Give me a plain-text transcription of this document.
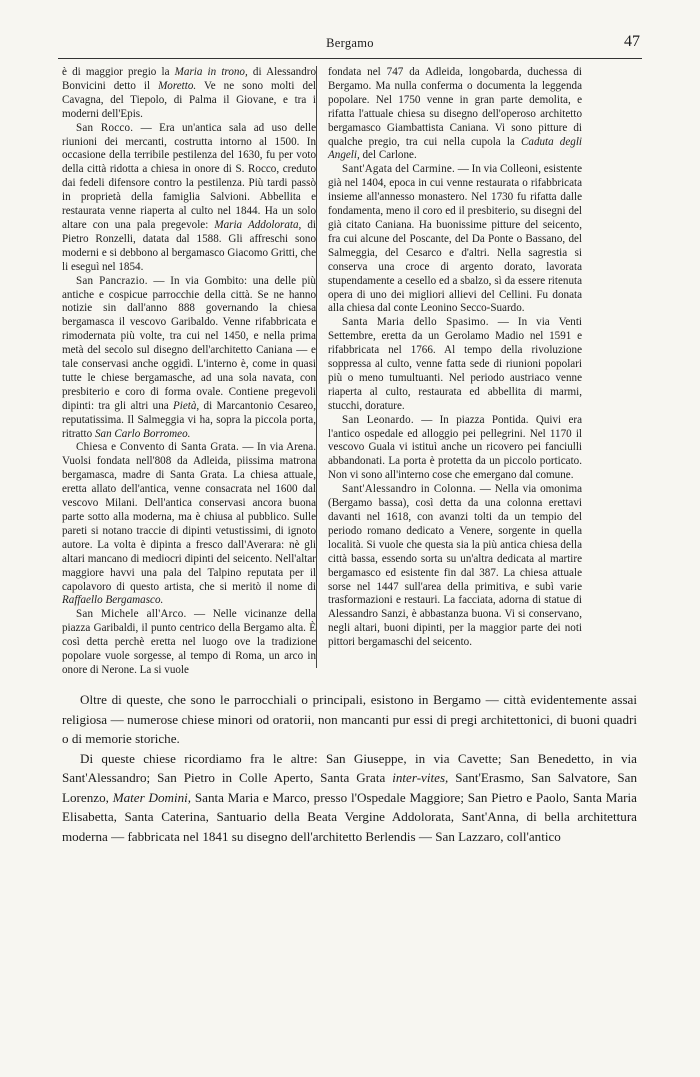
Bergamo	47

è di maggior pregio la Maria in trono, di Alessandro Bonvicini detto il Moretto. Ve ne sono molti del Cavagna, del Tiepolo, di Palma il Giovane, e tra i moderni dell'Epis.

San Rocco. — Era un'antica sala ad uso delle riunioni dei mercanti, costrutta intorno al 1500. In occasione della terribile pestilenza del 1630, fu per voto della città ridotta a chiesa in onore di S. Rocco, creduto dai fedeli difensore contro la pestilenza. Più tardi passò in proprietà della famiglia Salvioni. Abbellita e restaurata venne riaperta al culto nel 1844. Ha un solo altare con una pala pregevole: Maria Addolorata, di Pietro Ronzelli, datata dal 1588. Gli affreschi sono moderni e si debbono al bergamasco Giacomo Gritti, che li eseguì nel 1854.

San Pancrazio. — In via Gombito: una delle più antiche e cospicue parrocchie della città. Se ne hanno notizie sin dall'anno 888 governando la chiesa bergamasca il vescovo Garibaldo. Venne rifabbricata e rimodernata più volte, tra cui nel 1450, e nella prima metà del secolo sul disegno dell'architetto Caniana — e tale conservasi anche oggidì. L'interno è, come in quasi tutte le chiese bergamasche, ad una sola navata, con presbiterio e coro di forma ovale. Contiene pregevoli dipinti: tra gli altri una Pietà, di Marcantonio Cesareo, reputatissima. Il Salmeggia vi ha, sopra la piccola porta, ritratto San Carlo Borromeo.

Chiesa e Convento di Santa Grata. — In via Arena. Vuolsi fondata nell'808 da Adleida, piissima matrona bergamasca, madre di Santa Grata. La chiesa attuale, eretta allato dell'antica, venne consacrata nel 1600 dal vescovo Milani. Dell'antica conservasi ancora buona parte sotto alla moderna, ma è chiusa al pubblico. Sulle pareti si notano traccie di dipinti vetustissimi, di ignoto autore. La volta è dipinta a fresco dall'Averara: nè gli altari mancano di mediocri dipinti del seicento. Nell'altar maggiore havvi una pala del Talpino reputata per il capolavoro di questo artista, che si meritò il nome di Raffaello Bergamasco.

San Michele all'Arco. — Nelle vicinanze della piazza Garibaldi, il punto centrico della Bergamo alta. È così detta perchè eretta nel luogo ove la tradizione popolare vuole sorgesse, al tempo di Roma, un arco in onore di Nerone. La si vuole

fondata nel 747 da Adleida, longobarda, duchessa di Bergamo. Ma nulla conferma o documenta la leggenda popolare. Nel 1750 venne in gran parte demolita, e rifatta l'attuale chiesa su disegno dell'operoso architetto bergamasco Giambattista Caniana. Vi sono pitture di qualche pregio, tra cui nella cupola la Caduta degli Angeli, del Carlone.

Sant'Agata del Carmine. — In via Colleoni, esistente già nel 1404, epoca in cui venne restaurata o rifabbricata insieme all'annesso monastero. Nel 1730 fu rifatta dalle fondamenta, meno il coro ed il presbiterio, su disegni del già citato Caniana. Ha buonissime pitture del seicento, fra cui alcune del Poscante, del Da Ponte o Bassano, del Salmeggia, del Cesarco e d'altri. Nella sagrestia si conserva una croce di argento dorato, lavorata stupendamente a cesello ed a sbalzo, sì da essere ritenuta opera di uno dei migliori allievi del Cellini. Fu donata alla chiesa dal conte Leonino Secco-Suardo.

Santa Maria dello Spasimo. — In via Venti Settembre, eretta da un Gerolamo Madio nel 1591 e rifabbricata nel 1766. Al tempo della rivoluzione soppressa al culto, venne fatta sede di riunioni popolari più o meno tumultuanti. Nel periodo austriaco venne riaperta al culto, restaurata ed abbellita di marmi, stucchi, dorature.

San Leonardo. — In piazza Pontida. Quivi era l'antico ospedale ed alloggio pei pellegrini. Nel 1170 il vescovo Guala vi istituì anche un ricovero pei fanciulli abbandonati. La porta è protetta da un piccolo porticato. Non vi sono all'interno cose che emergano dal comune.

Sant'Alessandro in Colonna. — Nella via omonima (Bergamo bassa), così detta da una colonna erettavi davanti nel 1618, con avanzi tolti da un tempio del periodo romano dedicato a Venere, sorgente in quella località. Si vuole che questa sia la più antica chiesa della città bassa, essendo sorta su un'altra dedicata al martire bergamasco ed esistente fin dal 387. La chiesa attuale sorse nel 1447 sull'area della primitiva, e subì varie trasformazioni e restauri. La facciata, adorna di statue di Alessandro Sanzi, è abbastanza buona. Vi si conservano, negli altari, buoni dipinti, per la maggior parte dei noti pittori bergamaschi del seicento.

Oltre di queste, che sono le parrocchiali o principali, esistono in Bergamo — città evidentemente assai religiosa — numerose chiese minori od oratorii, non mancanti pur essi di pregi architettonici, di buoni quadri o di memorie storiche.

Di queste chiese ricordiamo fra le altre: San Giuseppe, in via Cavette; San Benedetto, in via Sant'Alessandro; San Pietro in Colle Aperto, Santa Grata inter-vites, Sant'Erasmo, San Salvatore, San Lorenzo, Mater Domini, Santa Maria e Marco, presso l'Ospedale Maggiore; San Pietro e Paolo, Santa Maria Elisabetta, Santa Caterina, Santuario della Beata Vergine Addolorata, Sant'Anna, di bella architettura moderna — fabbricata nel 1841 su disegno dell'architetto Berlendis — San Lazzaro, coll'antico
